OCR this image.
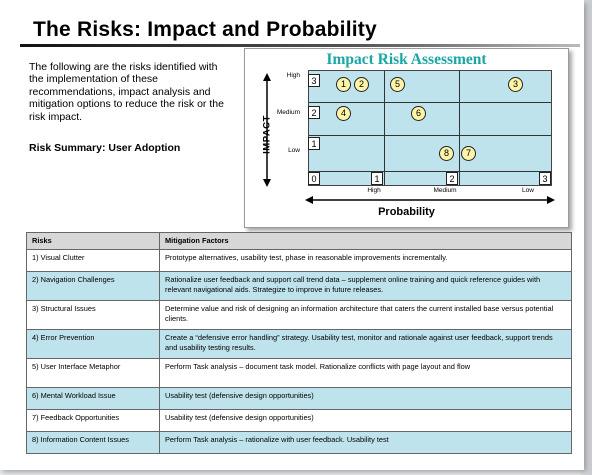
The Risks: Impact and Probability
The following are the risks identified with the implementation of these recommendations, impact analysis and mitigation options to reduce the risk or the risk impact.
Risk Summary: User Adoption
Impact Risk Assessment
IMPACT
High
Medium
Low
3
2
1
0	1	2	3
1	2	3
4
5
6
7
8
High	Medium	Low
Probability
Risks	Mitigation Factors
1) Visual Clutter	Prototype alternatives, usability test, phase in reasonable improvements incrementally.
2) Navigation Challenges	Rationalize user feedback and support call trend data – supplement online training and quick reference guides with relevant navigational aids. Strategize to improve in future releases.
3) Structural Issues	Determine value and risk of designing an information architecture that caters the current installed base versus potential clients.
4) Error Prevention	Create a “defensive error handling” strategy. Usability test, monitor and rationale against user feedback, support trends and usability testing results.
5) User Interface Metaphor	Perform Task analysis – document task model. Rationalize conflicts with page layout and flow
6) Mental Workload Issue	Usability test (defensive design opportunities)
7) Feedback Opportunities	Usability test (defensive design opportunities)
8) Information Content Issues	Perform Task analysis – rationalize with user feedback. Usability test
